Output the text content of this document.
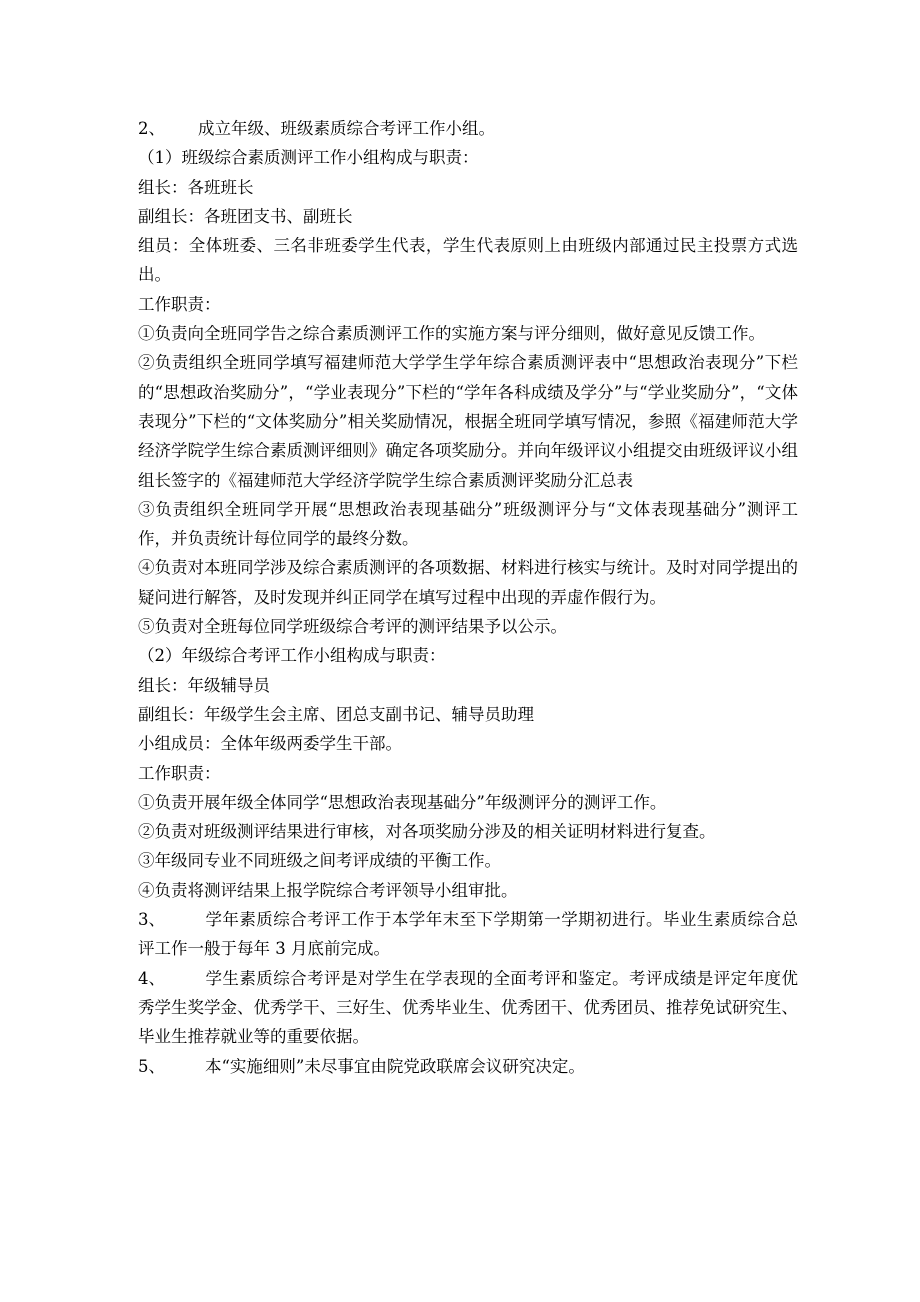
2、 成立年级、班级素质综合考评工作小组。

（1）班级综合素质测评工作小组构成与职责：

组长：各班班长

副组长：各班团支书、副班长

组员：全体班委、三名非班委学生代表，学生代表原则上由班级内部通过民主投票方式选出。

工作职责：

①负责向全班同学告之综合素质测评工作的实施方案与评分细则，做好意见反馈工作。

②负责组织全班同学填写福建师范大学学生学年综合素质测评表中“思想政治表现分”下栏的“思想政治奖励分”，“学业表现分”下栏的“学年各科成绩及学分”与“学业奖励分”，“文体表现分”下栏的“文体奖励分”相关奖励情况，根据全班同学填写情况，参照《福建师范大学经济学院学生综合素质测评细则》确定各项奖励分。并向年级评议小组提交由班级评议小组组长签字的《福建师范大学经济学院学生综合素质测评奖励分汇总表

③负责组织全班同学开展“思想政治表现基础分”班级测评分与“文体表现基础分”测评工作，并负责统计每位同学的最终分数。

④负责对本班同学涉及综合素质测评的各项数据、材料进行核实与统计。及时对同学提出的疑问进行解答，及时发现并纠正同学在填写过程中出现的弄虚作假行为。

⑤负责对全班每位同学班级综合考评的测评结果予以公示。

（2）年级综合考评工作小组构成与职责：

组长：年级辅导员

副组长：年级学生会主席、团总支副书记、辅导员助理

小组成员：全体年级两委学生干部。

工作职责：

①负责开展年级全体同学“思想政治表现基础分”年级测评分的测评工作。

②负责对班级测评结果进行审核，对各项奖励分涉及的相关证明材料进行复查。

③年级同专业不同班级之间考评成绩的平衡工作。

④负责将测评结果上报学院综合考评领导小组审批。

3、 学年素质综合考评工作于本学年末至下学期第一学期初进行。毕业生素质综合总评工作一般于每年 3 月底前完成。

4、 学生素质综合考评是对学生在学表现的全面考评和鉴定。考评成绩是评定年度优秀学生奖学金、优秀学干、三好生、优秀毕业生、优秀团干、优秀团员、推荐免试研究生、毕业生推荐就业等的重要依据。

5、 本“实施细则”未尽事宜由院党政联席会议研究决定。
